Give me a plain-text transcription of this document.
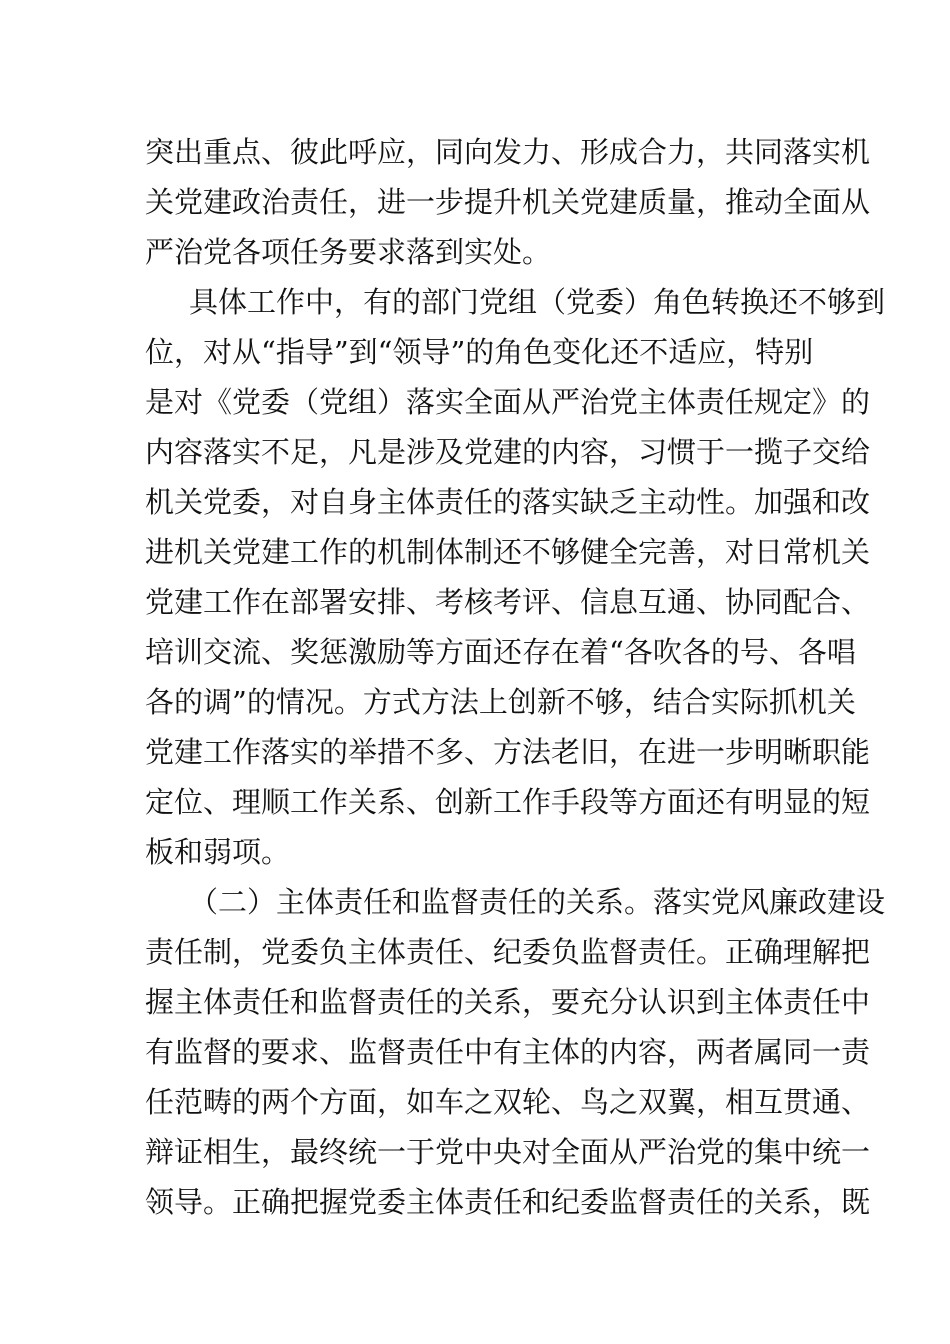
突出重点、彼此呼应，同向发力、形成合力，共同落实机
关党建政治责任，进一步提升机关党建质量，推动全面从
严治党各项任务要求落到实处。
具体工作中，有的部门党组（党委）角色转换还不够到
位，对从“指导”到“领导”的角色变化还不适应，特别
是对《党委（党组）落实全面从严治党主体责任规定》的
内容落实不足，凡是涉及党建的内容，习惯于一揽子交给
机关党委，对自身主体责任的落实缺乏主动性。加强和改
进机关党建工作的机制体制还不够健全完善，对日常机关
党建工作在部署安排、考核考评、信息互通、协同配合、
培训交流、奖惩激励等方面还存在着“各吹各的号、各唱
各的调”的情况。方式方法上创新不够，结合实际抓机关
党建工作落实的举措不多、方法老旧，在进一步明晰职能
定位、理顺工作关系、创新工作手段等方面还有明显的短
板和弱项。
（二）主体责任和监督责任的关系。落实党风廉政建设
责任制，党委负主体责任、纪委负监督责任。正确理解把
握主体责任和监督责任的关系，要充分认识到主体责任中
有监督的要求、监督责任中有主体的内容，两者属同一责
任范畴的两个方面，如车之双轮、鸟之双翼，相互贯通、
辩证相生，最终统一于党中央对全面从严治党的集中统一
领导。正确把握党委主体责任和纪委监督责任的关系，既
